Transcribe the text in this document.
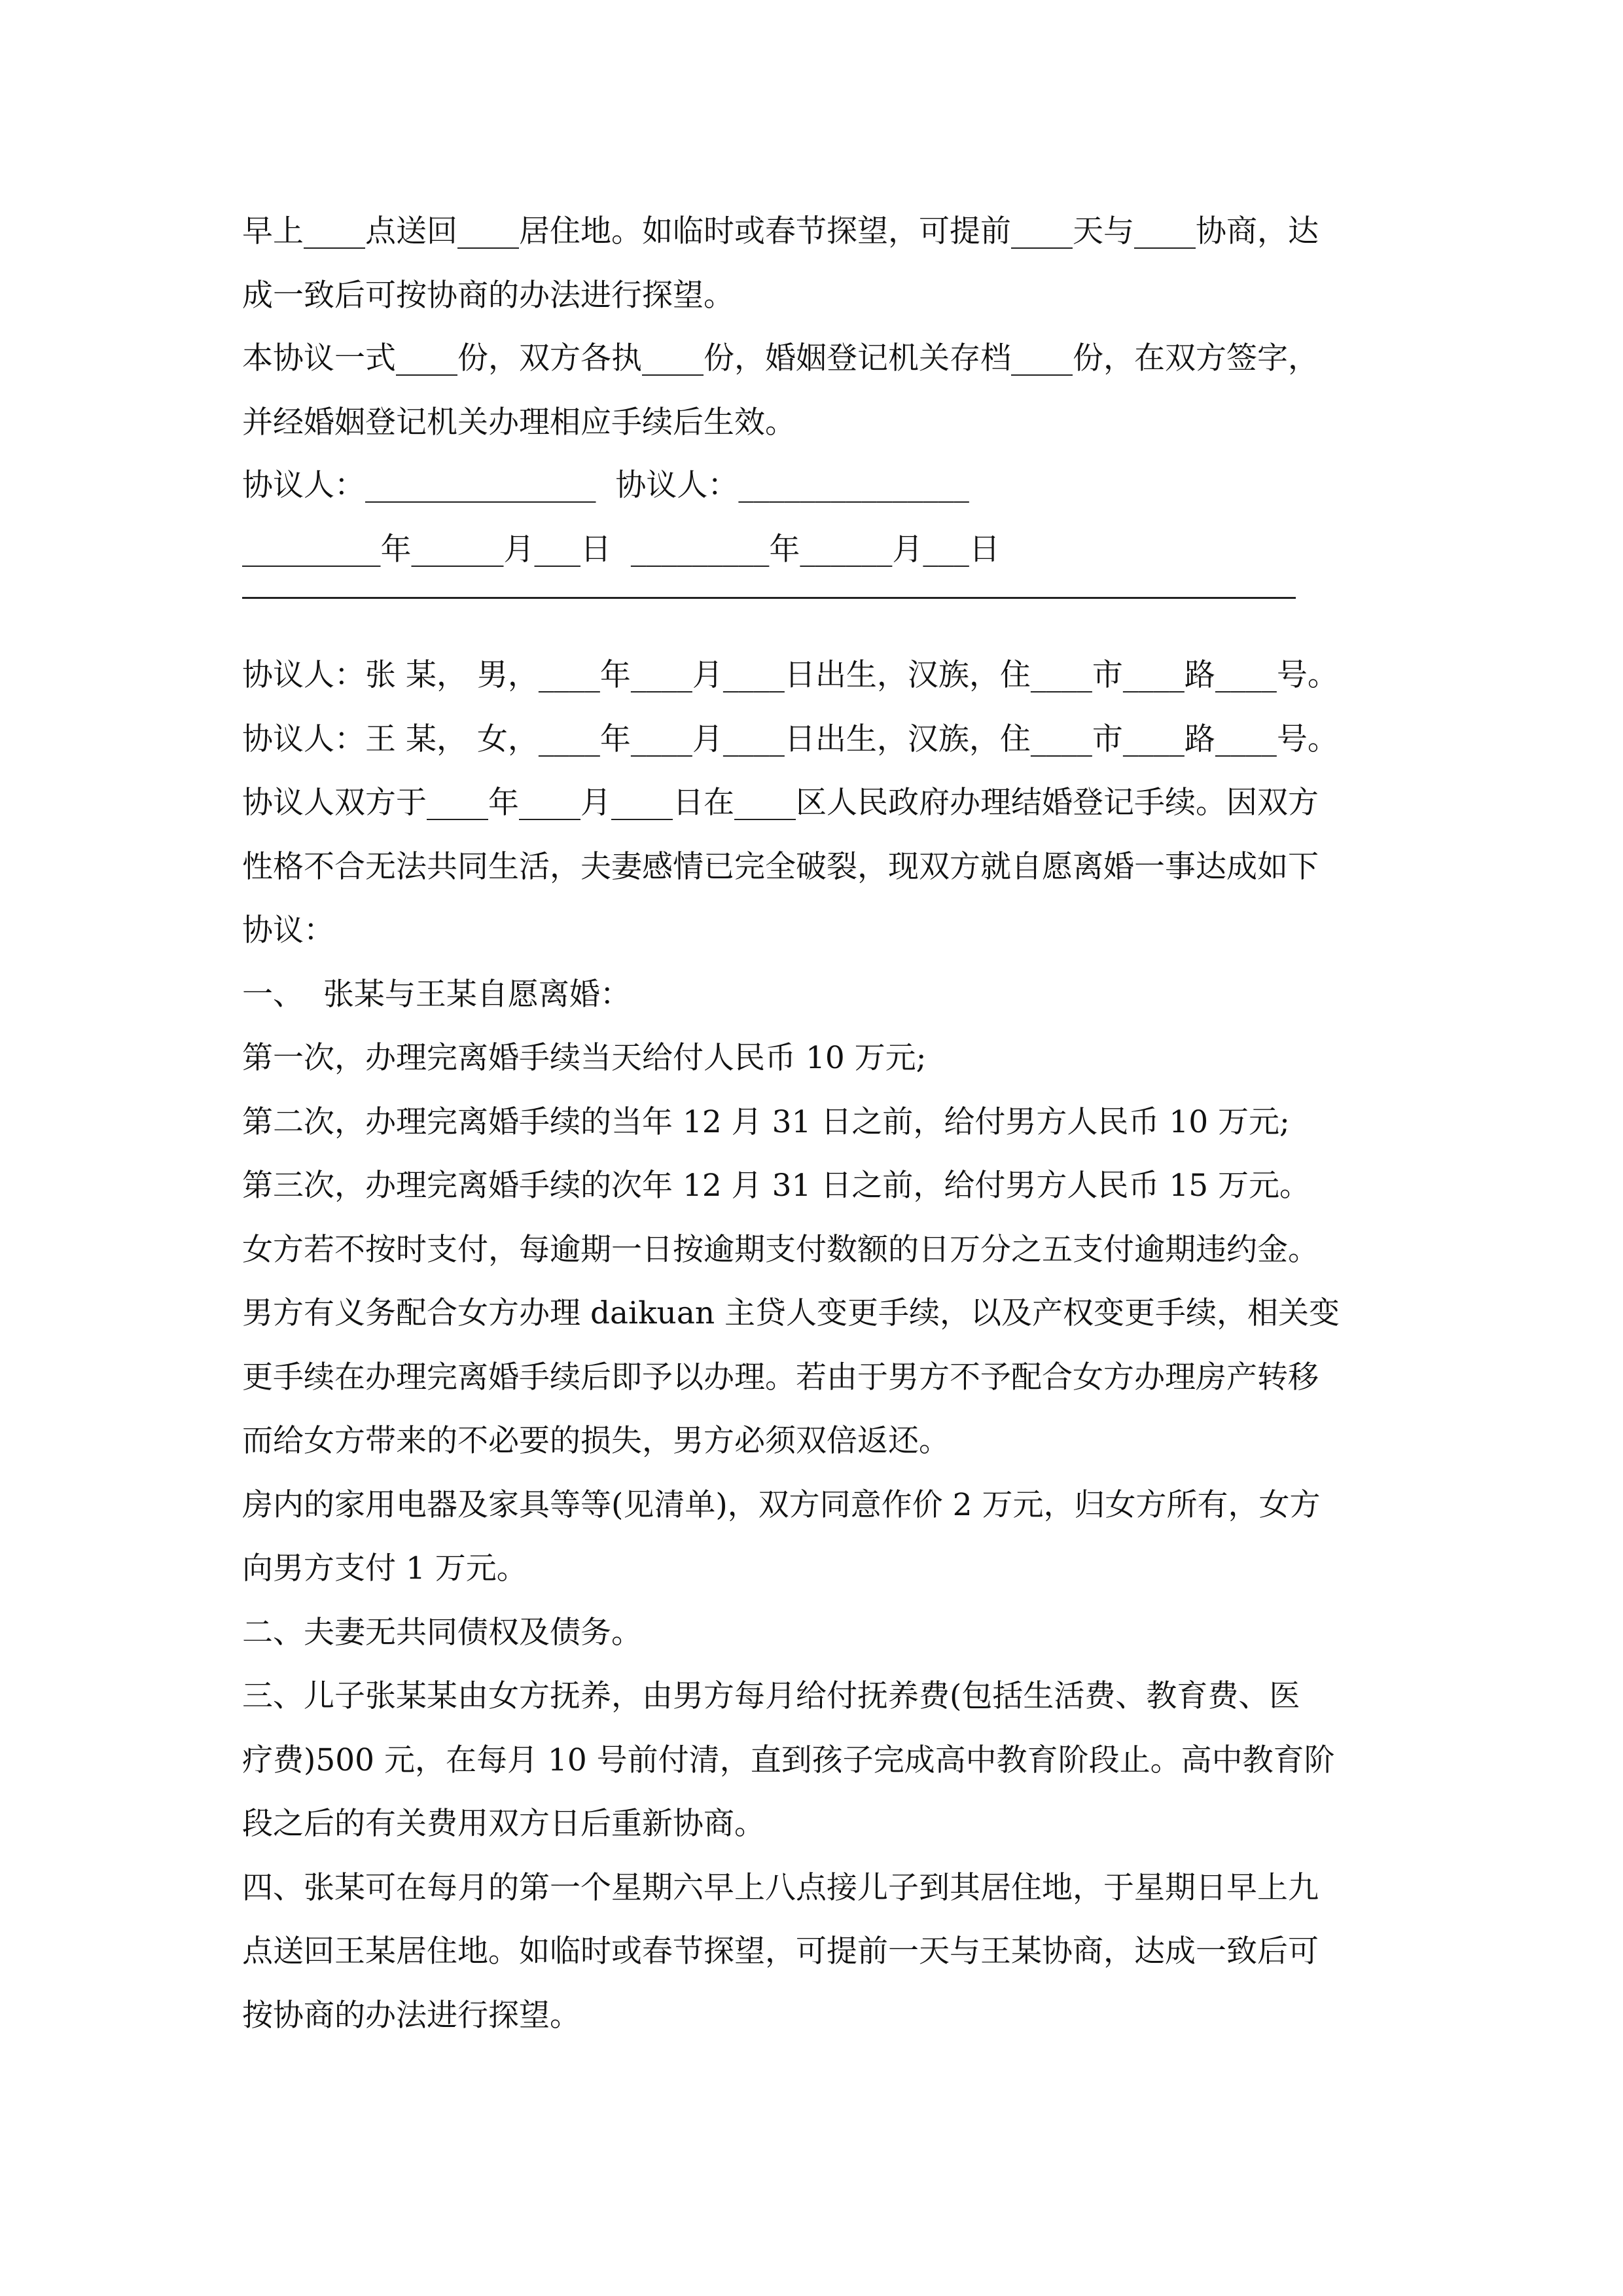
早上____点送回____居住地。如临时或春节探望，可提前____天与____协商，达
成一致后可按协商的办法进行探望。
本协议一式____份，双方各执____份，婚姻登记机关存档____份，在双方签字，
并经婚姻登记机关办理相应手续后生效。
协议人：_______________  协议人：_______________
_________年______月___日  _________年______月___日
协议人：张 某， 男，____年____月____日出生，汉族，住____市____路____号。
协议人：王 某， 女，____年____月____日出生，汉族，住____市____路____号。
协议人双方于____年____月____日在____区人民政府办理结婚登记手续。因双方
性格不合无法共同生活，夫妻感情已完全破裂，现双方就自愿离婚一事达成如下
协议：
一、  张某与王某自愿离婚：
第一次，办理完离婚手续当天给付人民币 10 万元;
第二次，办理完离婚手续的当年 12 月 31 日之前，给付男方人民币 10 万元;
第三次，办理完离婚手续的次年 12 月 31 日之前，给付男方人民币 15 万元。
女方若不按时支付，每逾期一日按逾期支付数额的日万分之五支付逾期违约金。
男方有义务配合女方办理 daikuan 主贷人变更手续，以及产权变更手续，相关变
更手续在办理完离婚手续后即予以办理。若由于男方不予配合女方办理房产转移
而给女方带来的不必要的损失，男方必须双倍返还。
房内的家用电器及家具等等(见清单)，双方同意作价 2 万元，归女方所有，女方
向男方支付 1 万元。
二、夫妻无共同债权及债务。
三、儿子张某某由女方抚养，由男方每月给付抚养费(包括生活费、教育费、医
疗费)500 元，在每月 10 号前付清，直到孩子完成高中教育阶段止。高中教育阶
段之后的有关费用双方日后重新协商。
四、张某可在每月的第一个星期六早上八点接儿子到其居住地，于星期日早上九
点送回王某居住地。如临时或春节探望，可提前一天与王某协商，达成一致后可
按协商的办法进行探望。
